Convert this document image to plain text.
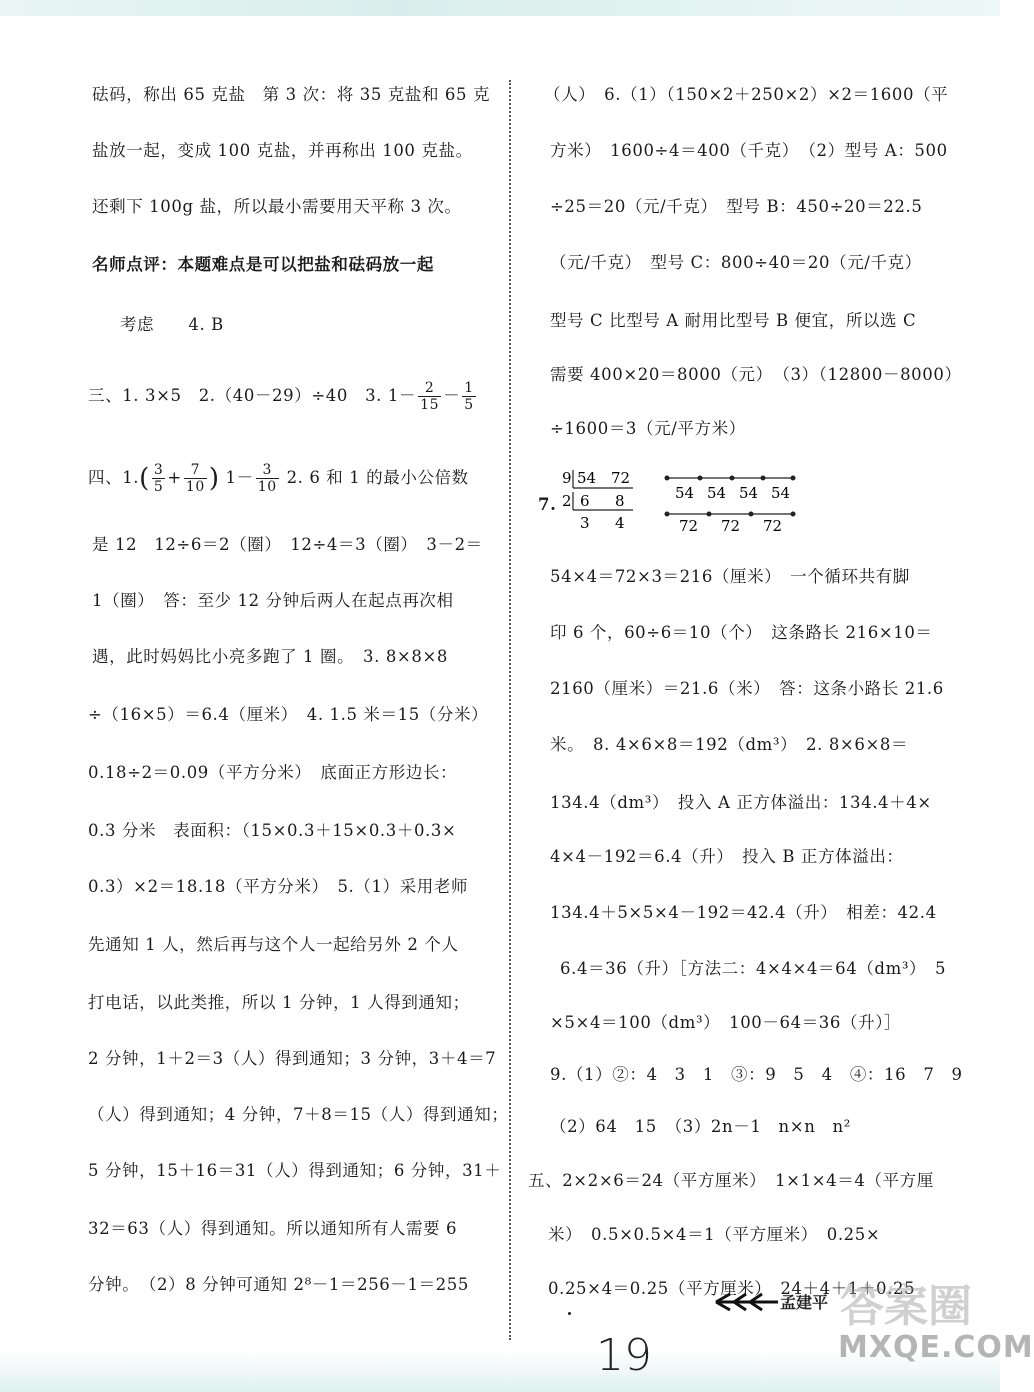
砝码，称出 65 克盐　第 3 次：将 35 克盐和 65 克
盐放一起，变成 100 克盐，并再称出 100 克盐。
还剩下 100g 盐，所以最小需要用天平称 3 次。
名师点评：本题难点是可以把盐和砝码放一起
考虑　　4. B
三、1. 3×5　2.（40－29）÷40　3. $1- \frac{2}{15} - \frac{1}{5}$
四、$1.( \frac{3}{5} + \frac{7}{10}$ ) $1- \frac{3}{10} 2$. 6 和 1 的最小公倍数
是 12　12÷6＝2（圈）　12÷4＝3（圈）　3－2＝
1（圈）　答：至少 12 分钟后两人在起点再次相
遇，此时妈妈比小亮多跑了 1 圈。　3. 8×8×8
÷（16×5）＝6.4（厘米）　4. 1.5 米＝15（分米）
0.18÷2＝0.09（平方分米）　底面正方形边长：
0.3 分米　表面积：（15×0.3＋15×0.3＋0.3×
0.3）×2＝18.18（平方分米）　5.（1）采用老师
先通知 1 人，然后再与这个人一起给另外 2 个人
打电话，以此类推，所以 1 分钟，1 人得到通知；
2 分钟，1＋2＝3（人）得到通知；3 分钟，3＋4＝7
（人）得到通知；4 分钟，7＋8＝15（人）得到通知；
5 分钟，15＋16＝31（人）得到通知；6 分钟，31＋
32＝63（人）得到通知。所以通知所有人需要 6
分钟。　（2）8 分钟可通知 2⁸－1＝256－1＝255
（人）　6.（1）（150×2＋250×2）×2＝1600（平
方米）　1600÷4＝400（千克）　（2）型号 A：500
÷25＝20（元/千克）　型号 B：450÷20＝22.5
（元/千克）　型号 C：800÷40＝20（元/千克）
型号 C 比型号 A 耐用比型号 B 便宜，所以选 C
需要 400×20＝8000（元）　（3）（12800－8000）
÷1600＝3（元/平方米）
7.
9 54 72
2 6 8
3 4
54 54 54 54
72 72 72
54×4＝72×3＝216（厘米）　一个循环共有脚
印 6 个，60÷6＝10（个）　这条路长 216×10＝
2160（厘米）＝21.6（米）　答：这条小路长 21.6
米。　8. 4×6×8＝192（dm³）　2. 8×6×8＝
134.4（dm³）　投入 A 正方体溢出：134.4＋4×
4×4－192＝6.4（升）　投入 B 正方体溢出：
134.4＋5×5×4－192＝42.4（升）　相差：42.4
6.4＝36（升）［方法二：4×4×4＝64（dm³）　5
×5×4＝100（dm³）　100－64＝36（升）］
9.（1）②：4　3　1　③：9　5　4　④：16　7　9
（2）64　15　（3）2n－1　n×n　n²
五、2×2×6＝24（平方厘米）　1×1×4＝4（平方厘
米）　0.5×0.5×4＝1（平方厘米）　0.25×
0.25×4＝0.25（平方厘米）　24＋4＋1＋0.25
孟建平
19
答案圈
MXQE.COM
